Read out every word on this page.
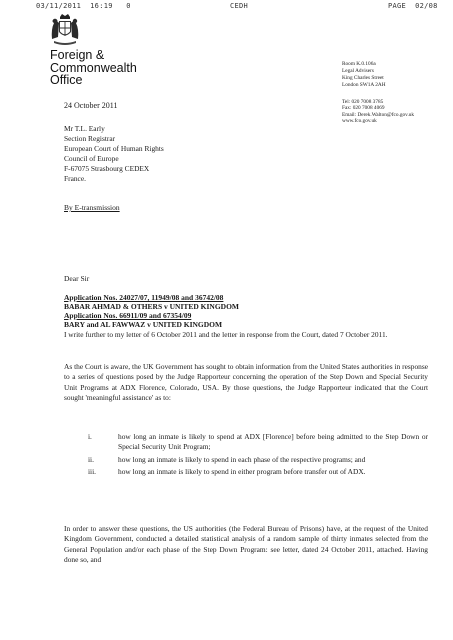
03/11/2011  16:19   0	CEDH	PAGE  02/08
Foreign &
Commonwealth
Office
Room K.0.106a
Legal Advisers
King Charles Street
London SW1A 2AH
Tel: 020 7008 3785
Fax: 020 7008 4069
Email: Derek.Walton@fco.gov.uk
www.fco.gov.uk
24 October 2011
Mr T.L. Early
Section Registrar
European Court of Human Rights
Council of Europe
F-67075 Strasbourg CEDEX
France.
By E-transmission
Dear Sir
Application Nos. 24027/07, 11949/08 and 36742/08
BABAR AHMAD & OTHERS v UNITED KINGDOM
Application Nos. 66911/09 and 67354/09
BARY and AL FAWWAZ v UNITED KINGDOM
I write further to my letter of 6 October 2011 and the letter in response from the Court, dated 7 October 2011.
As the Court is aware, the UK Government has sought to obtain information from the United States authorities in response to a series of questions posed by the Judge Rapporteur concerning the operation of the Step Down and Special Security Unit Programs at ADX Florence, Colorado, USA. By those questions, the Judge Rapporteur indicated that the Court sought 'meaningful assistance' as to:
i.	how long an inmate is likely to spend at ADX [Florence] before being admitted to the Step Down or Special Security Unit Program;
ii.	how long an inmate is likely to spend in each phase of the respective programs; and
iii.	how long an inmate is likely to spend in either program before transfer out of ADX.
In order to answer these questions, the US authorities (the Federal Bureau of Prisons) have, at the request of the United Kingdom Government, conducted a detailed statistical analysis of a random sample of thirty inmates selected from the General Population and/or each phase of the Step Down Program: see letter, dated 24 October 2011, attached. Having done so, and
